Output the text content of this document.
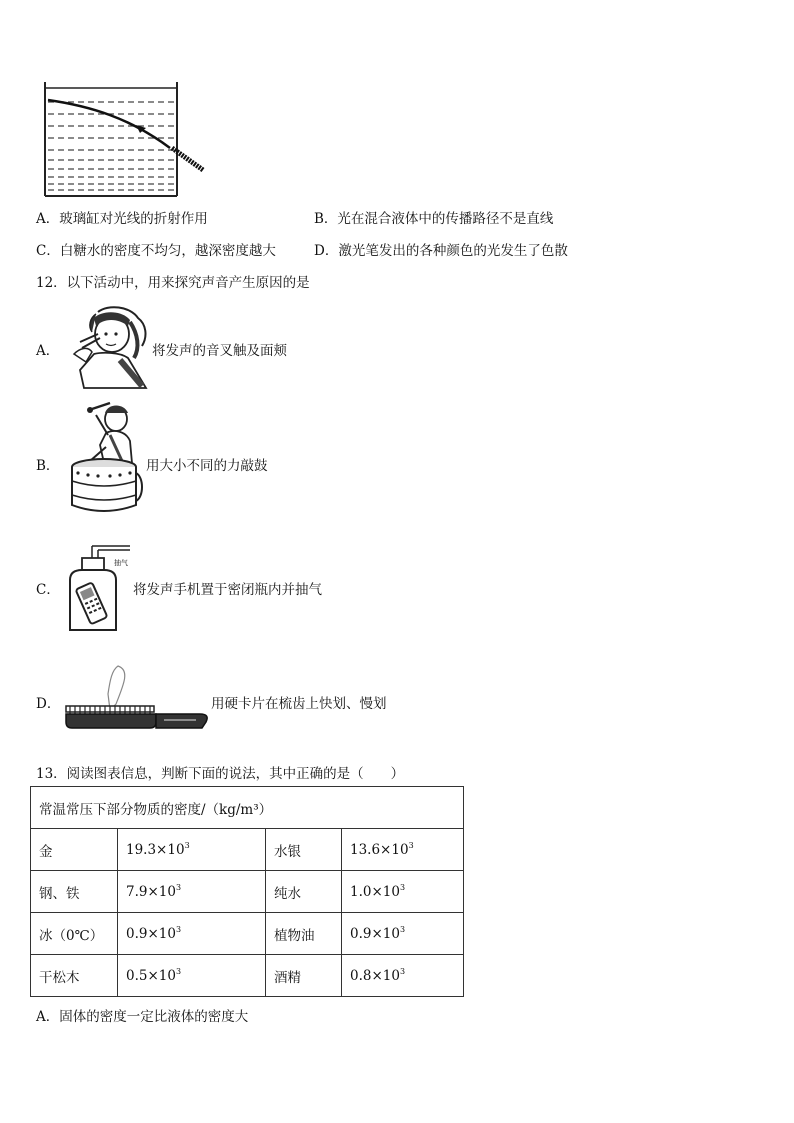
A．玻璃缸对光线的折射作用	B．光在混合液体中的传播路径不是直线
C．白糖水的密度不均匀，越深密度越大	D．激光笔发出的各种颜色的光发生了色散
12．以下活动中，用来探究声音产生原因的是
A．	将发声的音叉触及面颊
B．	用大小不同的力敲鼓
C．
抽气
将发声手机置于密闭瓶内并抽气
D．	用硬卡片在梳齿上快划、慢划
13．阅读图表信息，判断下面的说法，其中正确的是（　　）
常温常压下部分物质的密度/（kg/m³）			
金	$19.3\times 10^3$	水银	$13.6\times 10^3$
钢、铁	$7.9\times 10^3$	纯水	$1.0\times 10^3$
冰（0℃）	$0.9\times 10^3$	植物油	$0.9\times 10^3$
干松木	$0.5\times 10^3$	酒精	$0.8\times 10^3$
A．固体的密度一定比液体的密度大
